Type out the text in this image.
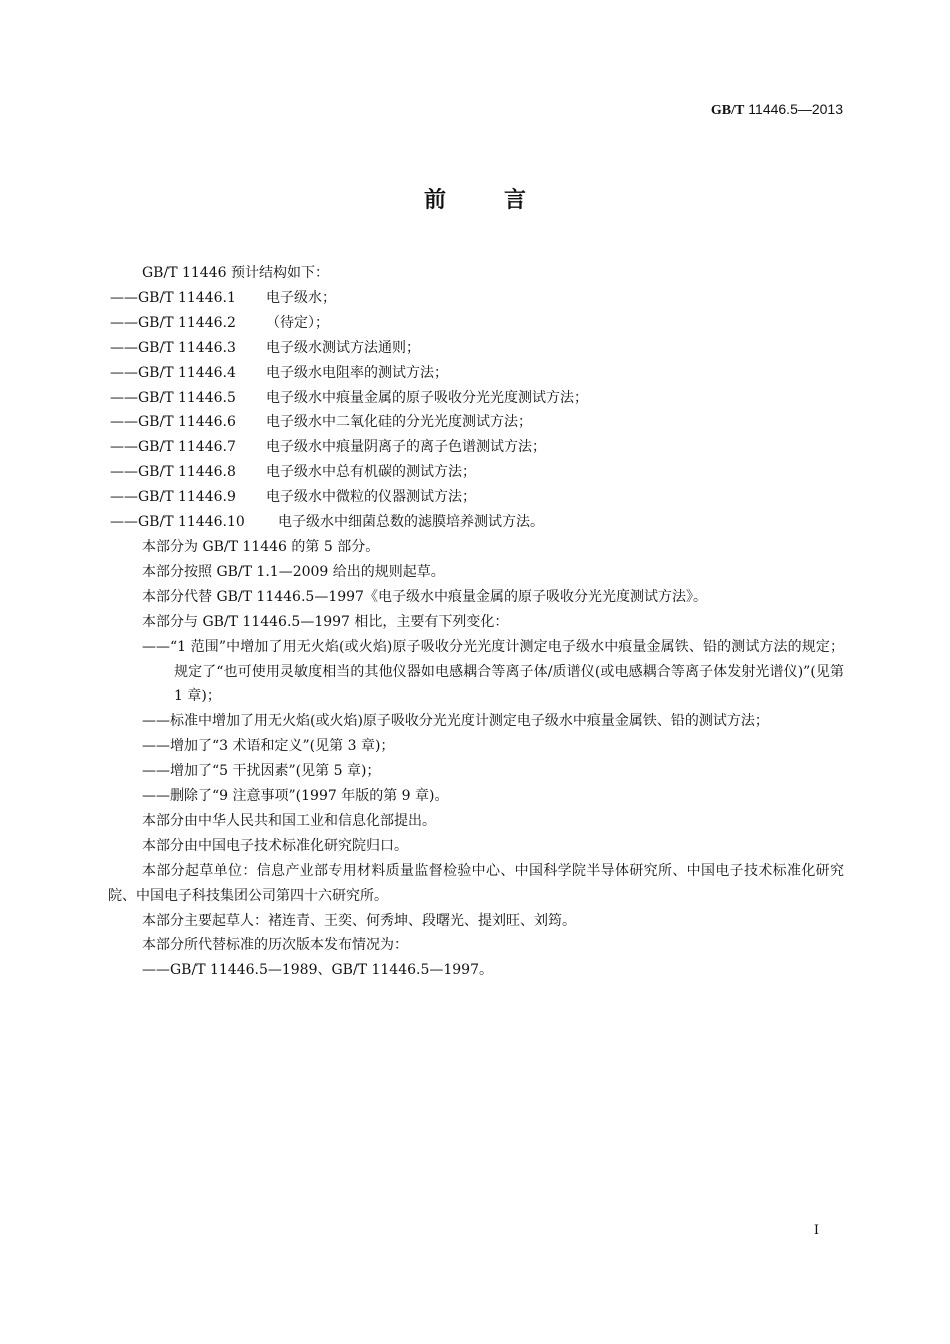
GB/T 11446.5—2013
前言

GB/T 11446 预计结构如下：

——GB/T 11446.1 电子级水；

——GB/T 11446.2 （待定）；

——GB/T 11446.3 电子级水测试方法通则；

——GB/T 11446.4 电子级水电阻率的测试方法；

——GB/T 11446.5 电子级水中痕量金属的原子吸收分光光度测试方法；

——GB/T 11446.6 电子级水中二氧化硅的分光光度测试方法；

——GB/T 11446.7 电子级水中痕量阴离子的离子色谱测试方法；

——GB/T 11446.8 电子级水中总有机碳的测试方法；

——GB/T 11446.9 电子级水中微粒的仪器测试方法；

——GB/T 11446.10 电子级水中细菌总数的滤膜培养测试方法。

本部分为 GB/T 11446 的第 5 部分。

本部分按照 GB/T 1.1—2009 给出的规则起草。

本部分代替 GB/T 11446.5—1997《电子级水中痕量金属的原子吸收分光光度测试方法》。

本部分与 GB/T 11446.5—1997 相比，主要有下列变化：

——“1 范围”中增加了用无火焰(或火焰)原子吸收分光光度计测定电子级水中痕量金属铁、铅的测试方法的规定；规定了“也可使用灵敏度相当的其他仪器如电感耦合等离子体/质谱仪(或电感耦合等离子体发射光谱仪)”(见第 1 章)；

——标准中增加了用无火焰(或火焰)原子吸收分光光度计测定电子级水中痕量金属铁、铅的测试方法；

——增加了“3 术语和定义”(见第 3 章)；

——增加了“5 干扰因素”(见第 5 章)；

——删除了“9 注意事项”(1997 年版的第 9 章)。

本部分由中华人民共和国工业和信息化部提出。

本部分由中国电子技术标准化研究院归口。

本部分起草单位：信息产业部专用材料质量监督检验中心、中国科学院半导体研究所、中国电子技术标准化研究院、中国电子科技集团公司第四十六研究所。

本部分主要起草人：褚连青、王奕、何秀坤、段曙光、提刘旺、刘筠。

本部分所代替标准的历次版本发布情况为：

——GB/T 11446.5—1989、GB/T 11446.5—1997。

I
